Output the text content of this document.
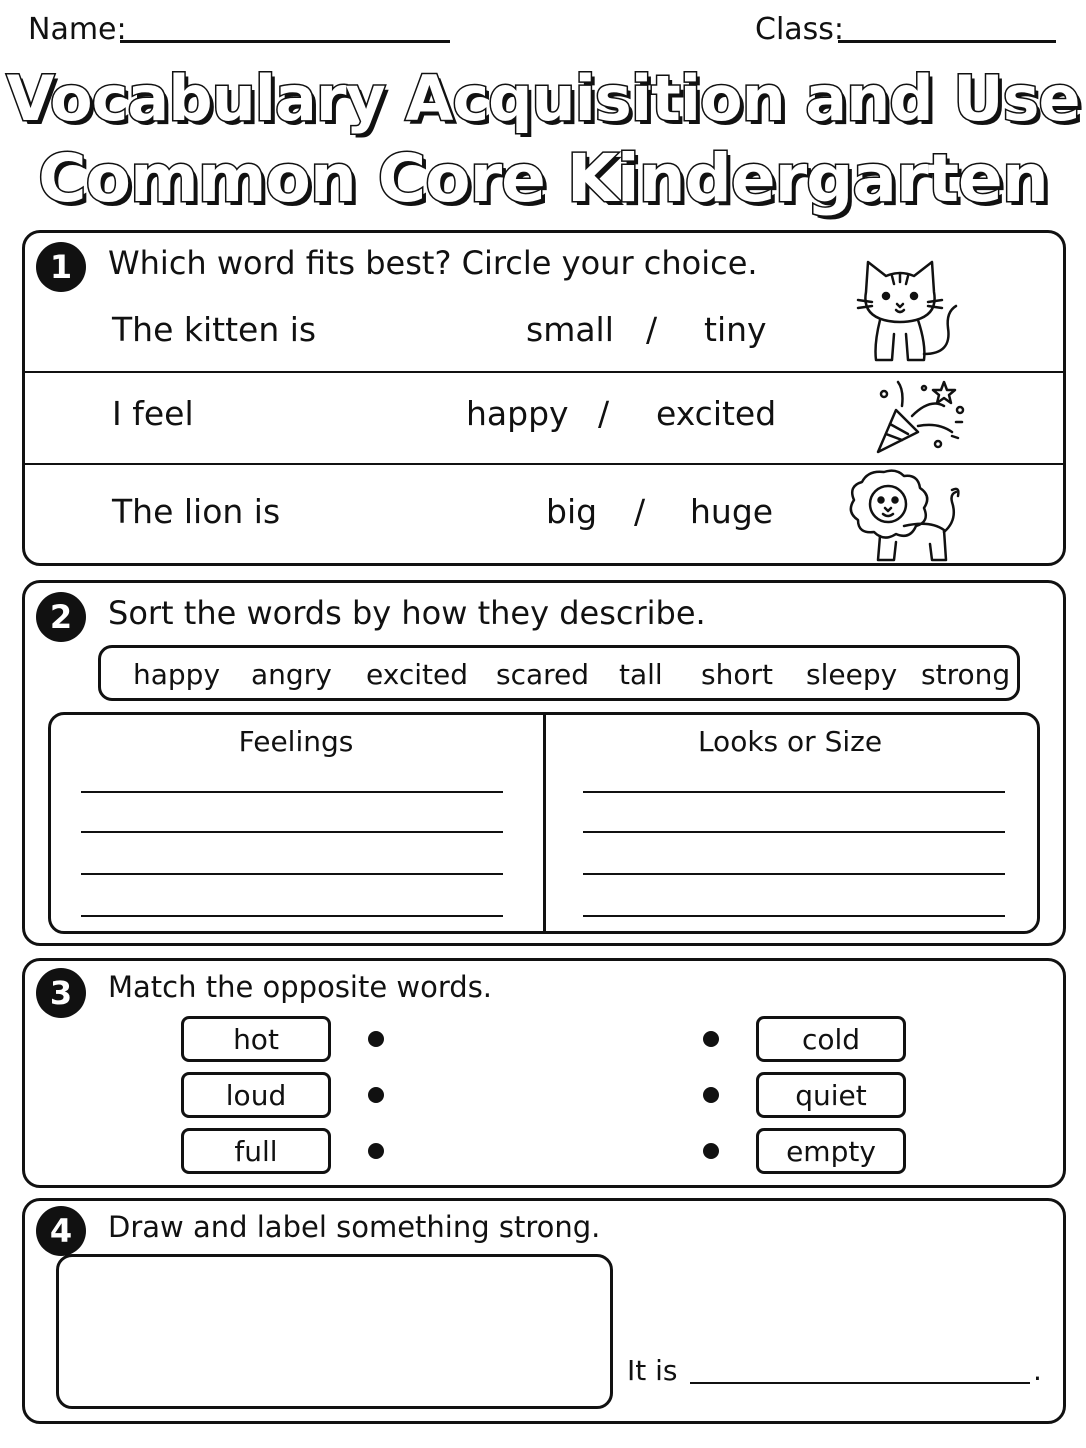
Name:	Class:
Vocabulary Acquisition and Use
Common Core Kindergarten
1	Which word fits best? Circle your choice.
The kitten is	small / tiny
I feel	happy / excited
The lion is	big / huge
2	Sort the words by how they describe.
happy angry excited scared tall short sleepy strong
Feelings	Looks or Size
3	Match the opposite words.
hot
loud
full
cold
quiet
empty
4	Draw and label something strong.
It is	.
